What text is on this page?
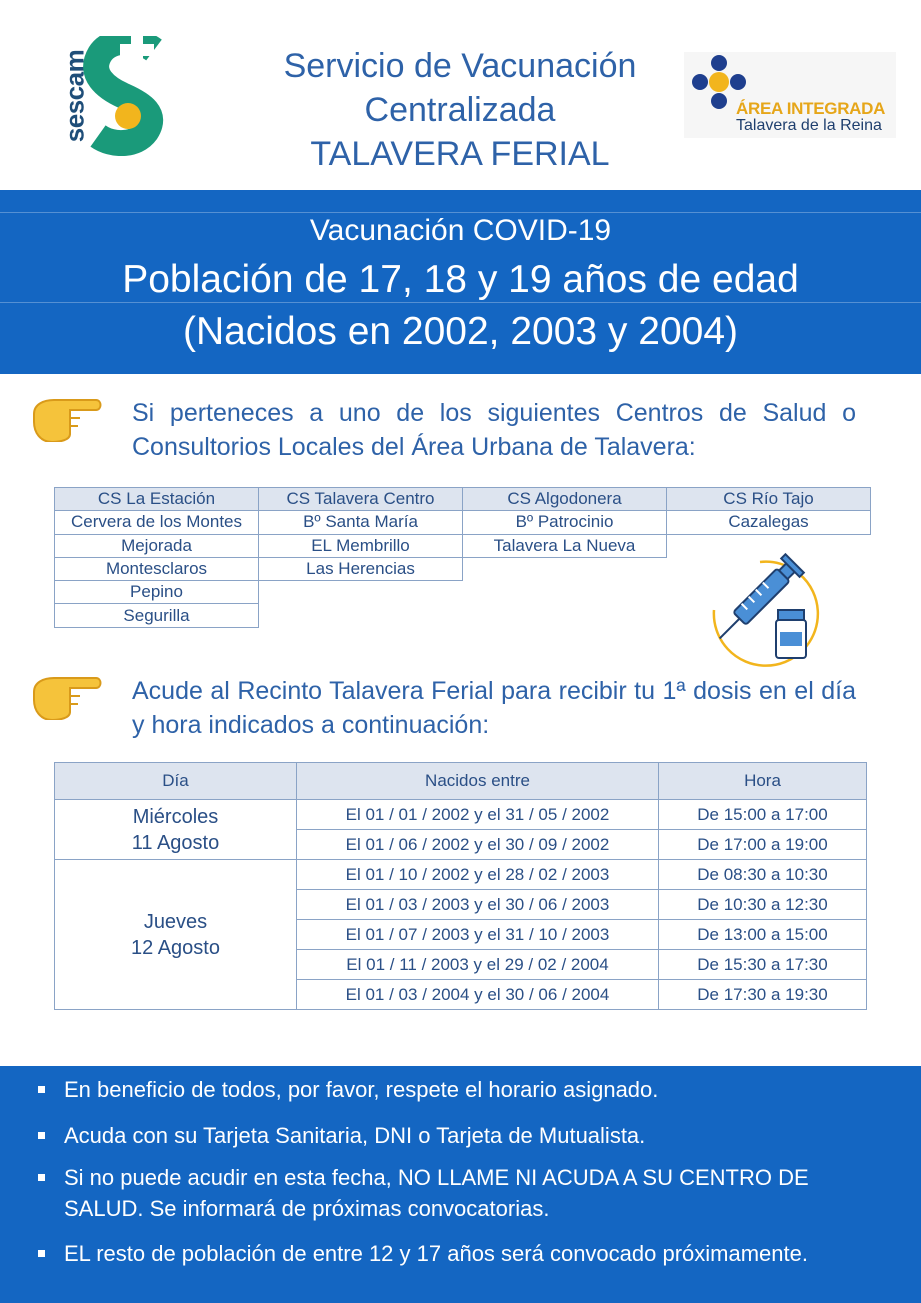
sescam	Servicio de Vacunación
Centralizada
TALAVERA FERIAL
ÁREA INTEGRADA
Talavera de la Reina
Vacunación COVID-19
Población de 17, 18 y 19 años de edad
(Nacidos en 2002, 2003 y 2004)
Si perteneces a uno de los siguientes Centros de Salud o Consultorios Locales del Área Urbana de Talavera:
CS La Estación	CS Talavera Centro	CS Algodonera	CS Río Tajo
Cervera de los Montes	Bº Santa María	Bº Patrocinio	Cazalegas
Mejorada	EL Membrillo	Talavera La Nueva	
Montesclaros	Las Herencias		
Pepino			
Segurilla			
Acude al Recinto Talavera Ferial para recibir tu 1ª dosis en el día y hora indicados a continuación:
Día	Nacidos entre	Hora

Miércoles
11 Agosto	El 01 / 01 / 2002 y el 31 / 05 / 2002	De 15:00 a 17:00
	El 01 / 06 / 2002 y el 30 / 09 / 2002	De 17:00 a 19:00

Jueves
12 Agosto	El 01 / 10 / 2002 y el 28 / 02 / 2003	De 08:30 a 10:30
	El 01 / 03 / 2003 y el 30 / 06 / 2003	De 10:30 a 12:30
	El 01 / 07 / 2003 y el 31 / 10 / 2003	De 13:00 a 15:00
	El 01 / 11 / 2003 y el 29 / 02 / 2004	De 15:30 a 17:30
	El 01 / 03 / 2004 y el 30 / 06 / 2004	De 17:30 a 19:30
En beneficio de todos, por favor, respete el horario asignado.
Acuda con su Tarjeta Sanitaria, DNI o Tarjeta de Mutualista.
Si no puede acudir en esta fecha, NO LLAME NI ACUDA A SU CENTRO DE SALUD. Se informará de próximas convocatorias.
EL resto de población de entre 12 y 17 años será convocado próximamente.
